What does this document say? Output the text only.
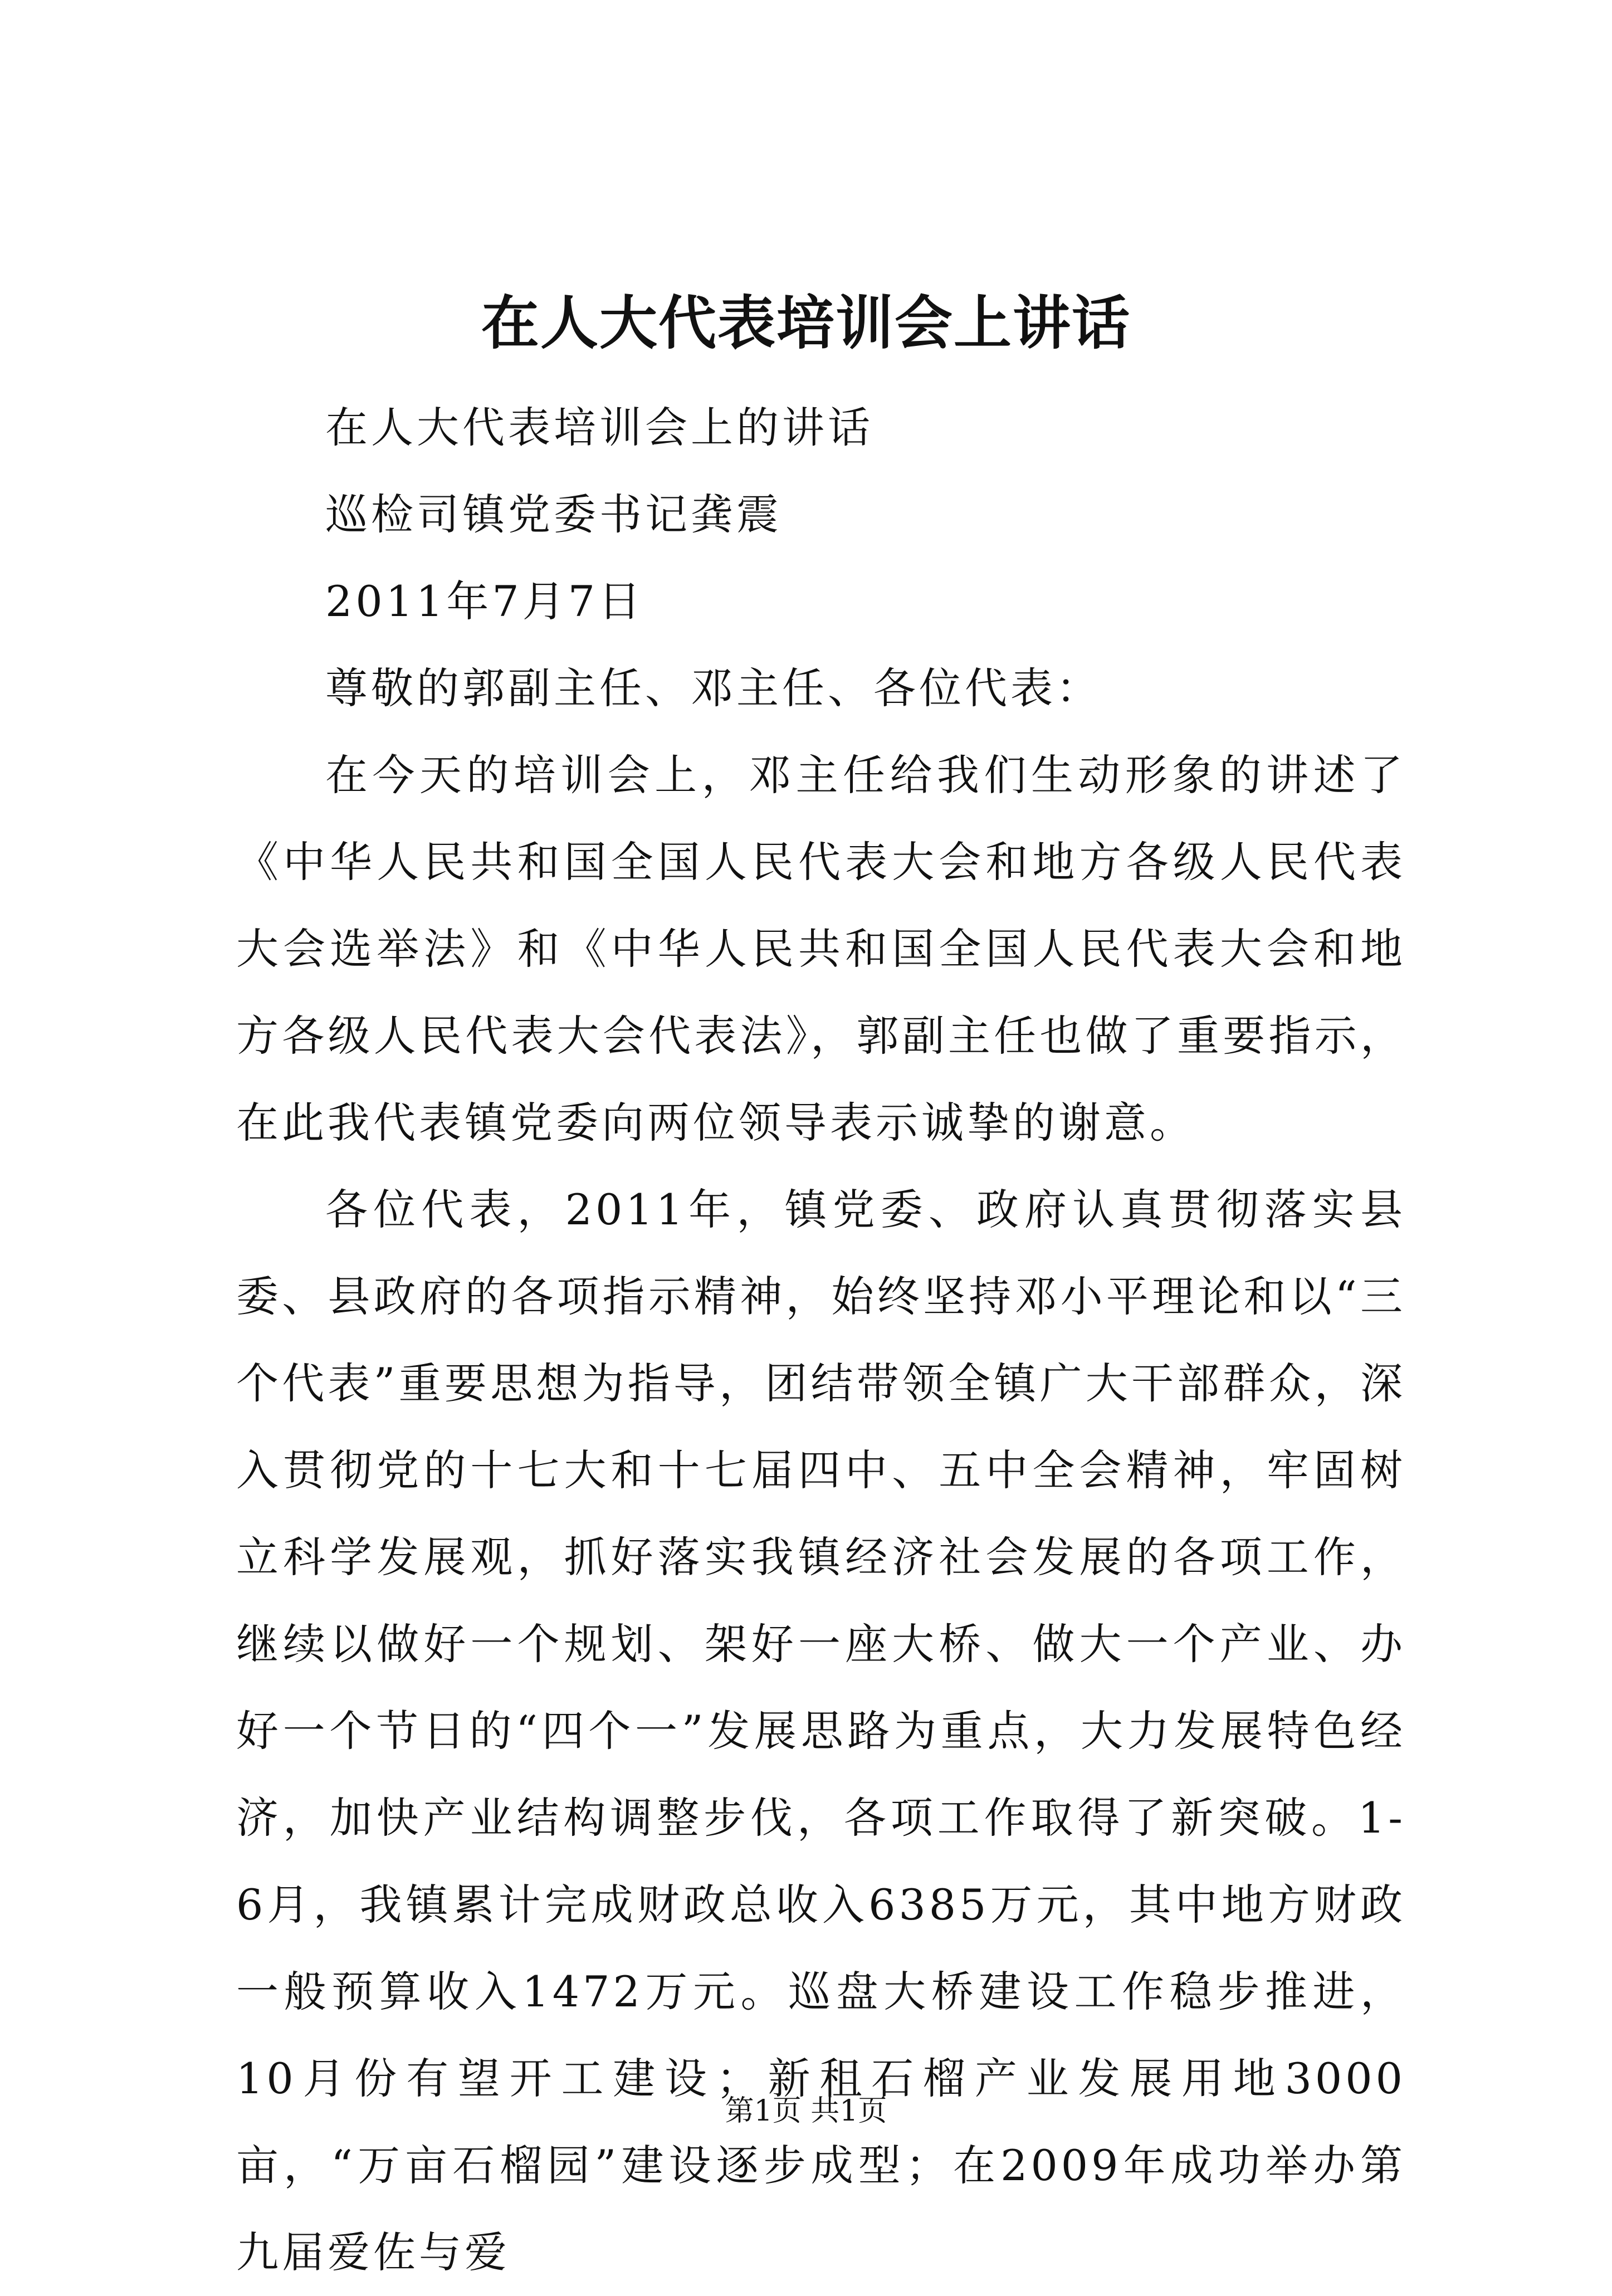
在人大代表培训会上讲话
在人大代表培训会上的讲话
巡检司镇党委书记龚震
2011年7月7日
尊敬的郭副主任、邓主任、各位代表：
在今天的培训会上，邓主任给我们生动形象的讲述了《中华人民共和国全国人民代表大会和地方各级人民代表大会选举法》和《中华人民共和国全国人民代表大会和地方各级人民代表大会代表法》，郭副主任也做了重要指示，在此我代表镇党委向两位领导表示诚挚的谢意。
各位代表，2011年，镇党委、政府认真贯彻落实县委、县政府的各项指示精神，始终坚持邓小平理论和以“三个代表”重要思想为指导，团结带领全镇广大干部群众，深入贯彻党的十七大和十七届四中、五中全会精神，牢固树立科学发展观，抓好落实我镇经济社会发展的各项工作，继续以做好一个规划、架好一座大桥、做大一个产业、办好一个节日的“四个一”发展思路为重点，大力发展特色经济，加快产业结构调整步伐，各项工作取得了新突破。1-6月，我镇累计完成财政总收入6385万元，其中地方财政一般预算收入1472万元。巡盘大桥建设工作稳步推进，10月份有望开工建设；新租石榴产业发展用地3000亩，“万亩石榴园”建设逐步成型；在2009年成功举办第九届爱佐与爱
第1页 共1页
